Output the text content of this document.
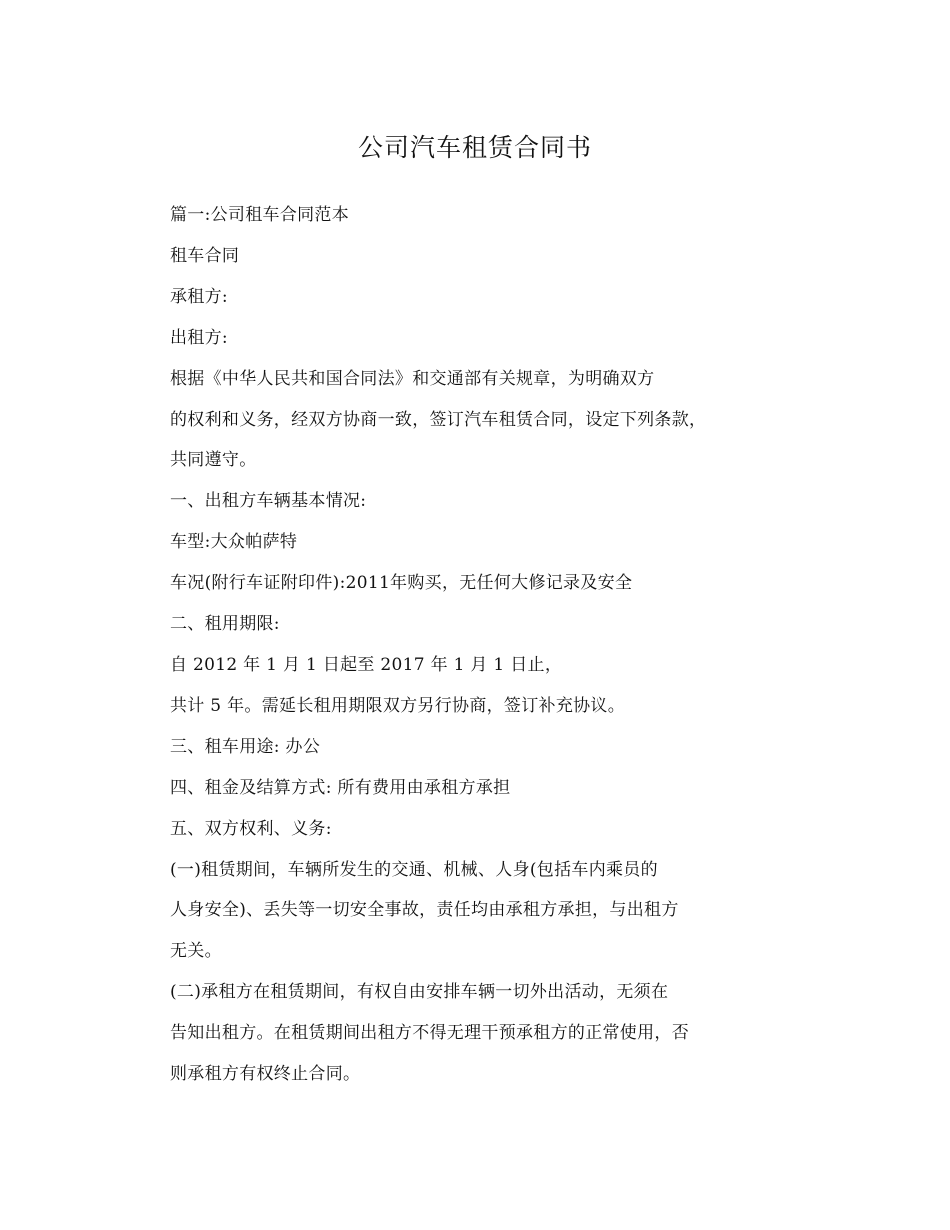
公司汽车租赁合同书
篇一:公司租车合同范本
租车合同
承租方:
出租方:
根据《中华人民共和国合同法》和交通部有关规章，为明确双方
的权利和义务，经双方协商一致，签订汽车租赁合同，设定下列条款，
共同遵守。
一、出租方车辆基本情况:
车型:大众帕萨特
车况(附行车证附印件):2011年购买，无任何大修记录及安全
二、租用期限:
自 2012 年 1 月 1 日起至 2017 年 1 月 1 日止，
共计 5 年。需延长租用期限双方另行协商，签订补充协议。
三、租车用途: 办公
四、租金及结算方式: 所有费用由承租方承担
五、双方权利、义务:
(一)租赁期间，车辆所发生的交通、机械、人身(包括车内乘员的
人身安全)、丢失等一切安全事故，责任均由承租方承担，与出租方
无关。
(二)承租方在租赁期间，有权自由安排车辆一切外出活动，无须在
告知出租方。在租赁期间出租方不得无理干预承租方的正常使用，否
则承租方有权终止合同。
